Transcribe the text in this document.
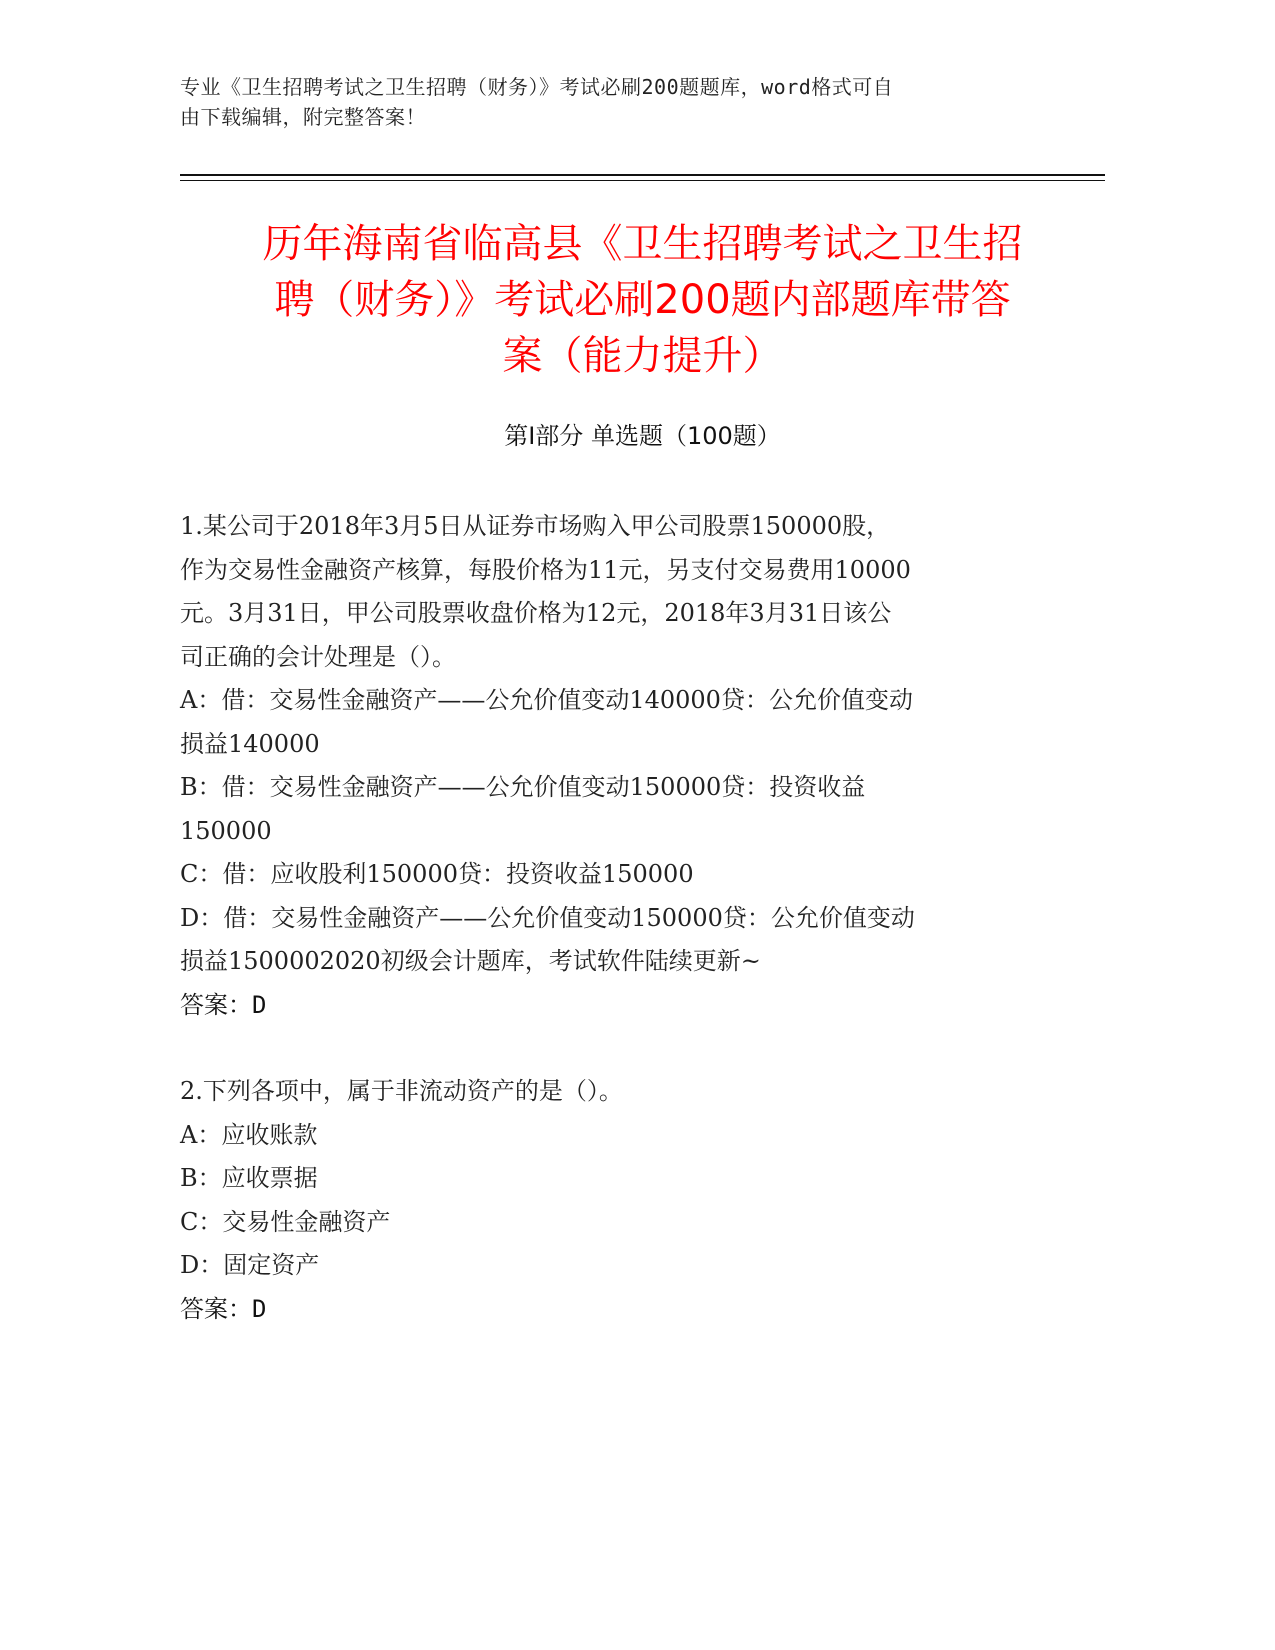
专业《卫生招聘考试之卫生招聘（财务）》考试必刷200题题库，word格式可自
由下载编辑，附完整答案！
历年海南省临高县《卫生招聘考试之卫生招
聘（财务）》考试必刷200题内部题库带答
案（能力提升）
第Ⅰ部分 单选题（100题）
1.某公司于2018年3月5日从证券市场购入甲公司股票150000股，
作为交易性金融资产核算，每股价格为11元，另支付交易费用10000
元。3月31日，甲公司股票收盘价格为12元，2018年3月31日该公
司正确的会计处理是（）。
A：借：交易性金融资产——公允价值变动140000贷：公允价值变动
损益140000
B：借：交易性金融资产——公允价值变动150000贷：投资收益
150000
C：借：应收股利150000贷：投资收益150000
D：借：交易性金融资产——公允价值变动150000贷：公允价值变动
损益1500002020初级会计题库，考试软件陆续更新~
答案：D
2.下列各项中，属于非流动资产的是（）。
A：应收账款
B：应收票据
C：交易性金融资产
D：固定资产
答案：D
